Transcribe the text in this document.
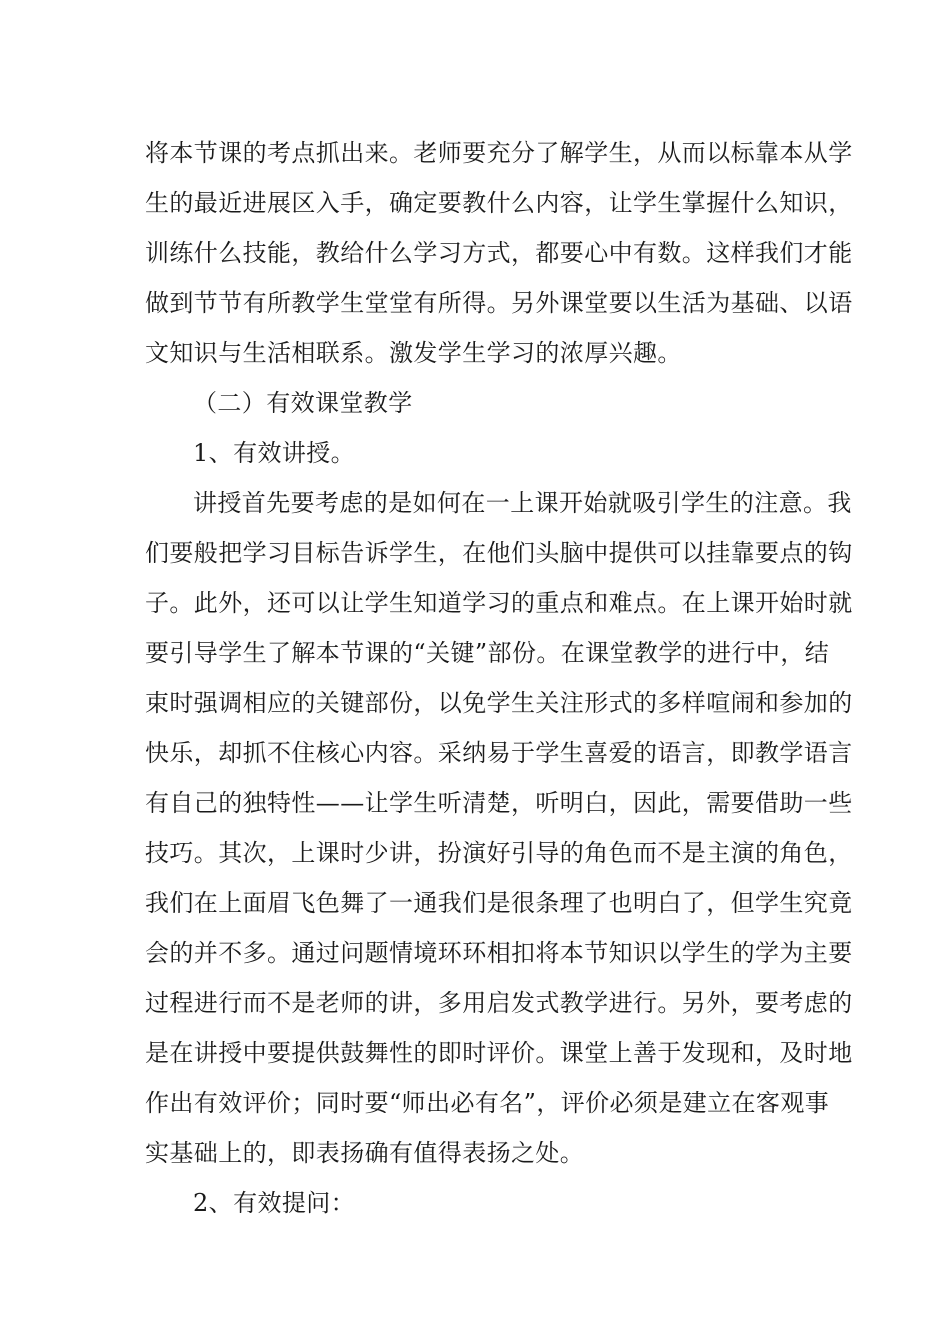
将本节课的考点抓出来。老师要充分了解学生，从而以标靠本从学
生的最近进展区入手，确定要教什么内容，让学生掌握什么知识，
训练什么技能，教给什么学习方式，都要心中有数。这样我们才能
做到节节有所教学生堂堂有所得。另外课堂要以生活为基础、以语
文知识与生活相联系。激发学生学习的浓厚兴趣。
（二）有效课堂教学
1、有效讲授。
讲授首先要考虑的是如何在一上课开始就吸引学生的注意。我
们要般把学习目标告诉学生，在他们头脑中提供可以挂靠要点的钩
子。此外，还可以让学生知道学习的重点和难点。在上课开始时就
要引导学生了解本节课的“关键”部份。在课堂教学的进行中，结
束时强调相应的关键部份，以免学生关注形式的多样喧闹和参加的
快乐，却抓不住核心内容。采纳易于学生喜爱的语言，即教学语言
有自己的独特性——让学生听清楚，听明白，因此，需要借助一些
技巧。其次，上课时少讲，扮演好引导的角色而不是主演的角色，
我们在上面眉飞色舞了一通我们是很条理了也明白了，但学生究竟
会的并不多。通过问题情境环环相扣将本节知识以学生的学为主要
过程进行而不是老师的讲，多用启发式教学进行。另外，要考虑的
是在讲授中要提供鼓舞性的即时评价。课堂上善于发现和，及时地
作出有效评价；同时要“师出必有名”，评价必须是建立在客观事
实基础上的，即表扬确有值得表扬之处。
2、有效提问：
